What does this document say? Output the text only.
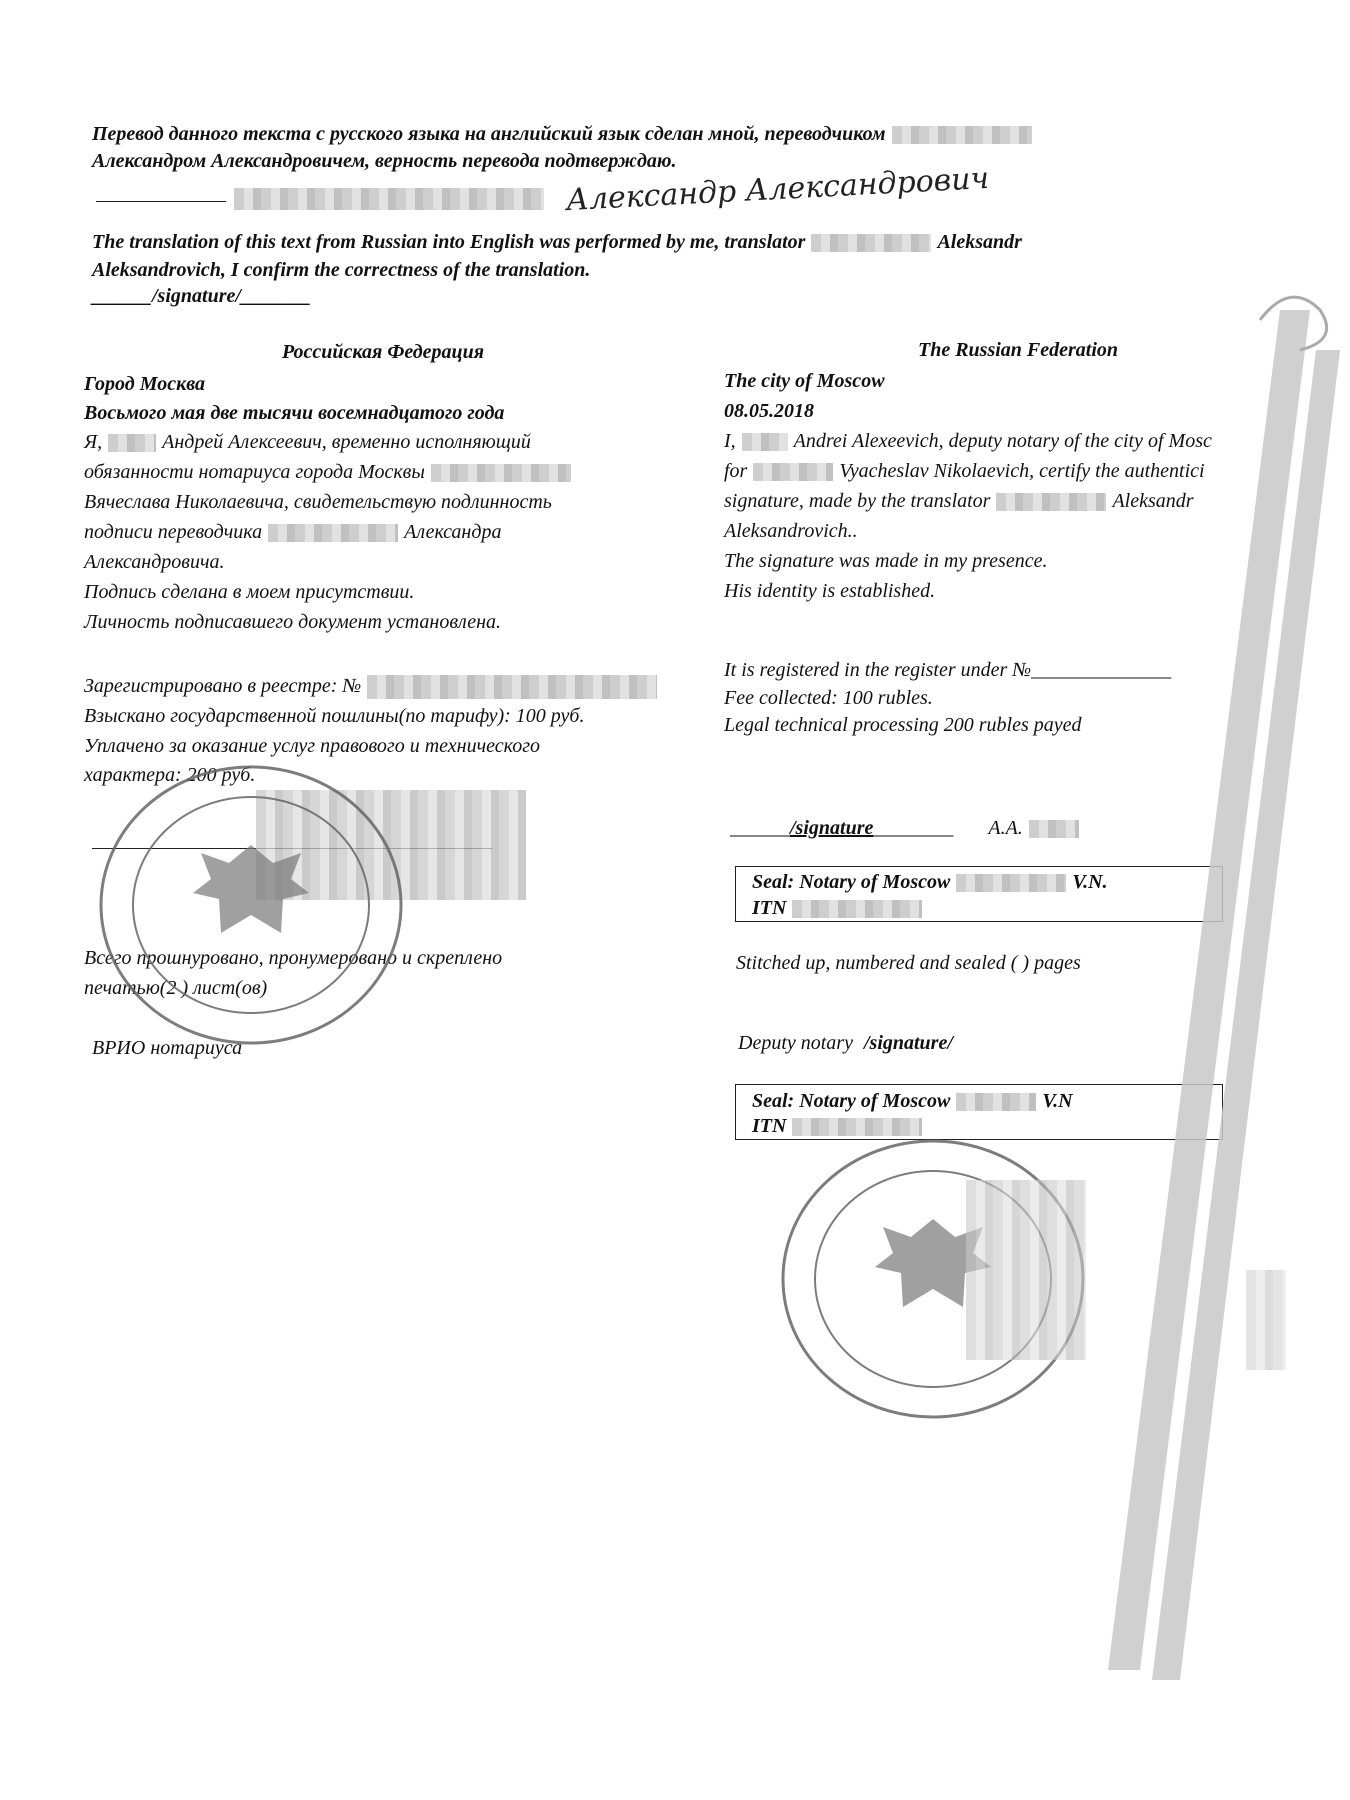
Перевод данного текста с русского языка на английский язык сделан мной, переводчиком
Александром Александровичем, верность перевода подтверждаю.
Александр Александрович
The translation of this text from Russian into English was performed by me, translator	Aleksandr
Aleksandrovich, I confirm the correctness of the translation.
______/signature/_______
Российская Федерация
Город Москва
Восьмого мая две тысячи восемнадцатого года
Я,	Андрей Алексеевич, временно исполняющий
обязанности нотариуса города Москвы
Вячеслава Николаевича, свидетельствую подлинность
подписи переводчика	Александра
Александровича.
Подпись сделана в моем присутствии.
Личность подписавшего документ установлена.
Зарегистрировано в реестре: №
Взыскано государственной пошлины(по тарифу): 100 руб.
Уплачено за оказание услуг правового и технического
характера: 200 руб.
Всего прошнуровано, пронумеровано и скреплено
печатью(2 ) лист(ов)
ВРИО нотариуса
The Russian Federation
The city of Moscow
08.05.2018
I,	Andrei Alexeevich, deputy notary of the city of Mosc
for	Vyacheslav Nikolaevich, certify the authentici
signature, made by the translator	Aleksandr
Aleksandrovich..
The signature was made in my presence.
His identity is established.
It is registered in the register under №______________
Fee collected: 100 rubles.
Legal technical processing 200 rubles payed
______/signature________ A.A.
Seal: Notary of Moscow	V.N.
ITN
Stitched up, numbered and sealed ( ) pages
Deputy notary /signature/
Seal: Notary of Moscow	V.N
ITN
